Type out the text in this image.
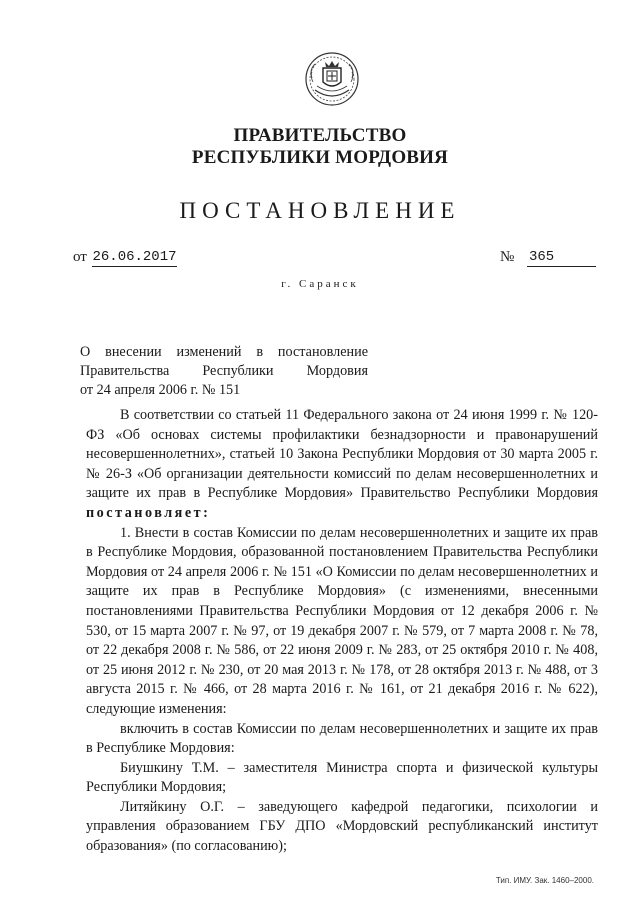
ПРАВИТЕЛЬСТВО
РЕСПУБЛИКИ МОРДОВИЯ
ПОСТАНОВЛЕНИЕ
от 26.06.2017	№ 365
г. Саранск
О внесении изменений в постановление
Правительства Республики Мордовия
от 24 апреля 2006 г. № 151

В соответствии со статьей 11 Федерального закона от 24 июня 1999 г. № 120-ФЗ «Об основах системы профилактики безнадзорности и правонарушений несовершеннолетних», статьей 10 Закона Республики Мордовия от 30 марта 2005 г. № 26-З «Об организации деятельности комиссий по делам несовершеннолетних и защите их прав в Республике Мордовия» Правительство Республики Мордовия постановляет:

1. Внести в состав Комиссии по делам несовершеннолетних и защите их прав в Республике Мордовия, образованной постановлением Правительства Республики Мордовия от 24 апреля 2006 г. № 151 «О Комиссии по делам несовершеннолетних и защите их прав в Республике Мордовия» (с изменениями, внесенными постановлениями Правительства Республики Мордовия от 12 декабря 2006 г. № 530, от 15 марта 2007 г. № 97, от 19 декабря 2007 г. № 579, от 7 марта 2008 г. № 78, от 22 декабря 2008 г. № 586, от 22 июня 2009 г. № 283, от 25 октября 2010 г. № 408, от 25 июня 2012 г. № 230, от 20 мая 2013 г. № 178, от 28 октября 2013 г. № 488, от 3 августа 2015 г. № 466, от 28 марта 2016 г. № 161, от 21 декабря 2016 г. № 622), следующие изменения:

включить в состав Комиссии по делам несовершеннолетних и защите их прав в Республике Мордовия:

Биушкину Т.М. – заместителя Министра спорта и физической культуры Республики Мордовия;

Литяйкину О.Г. – заведующего кафедрой педагогики, психологии и управления образованием ГБУ ДПО «Мордовский республиканский институт образования» (по согласованию);

Тип. ИМУ. Зак. 1460–2000.
